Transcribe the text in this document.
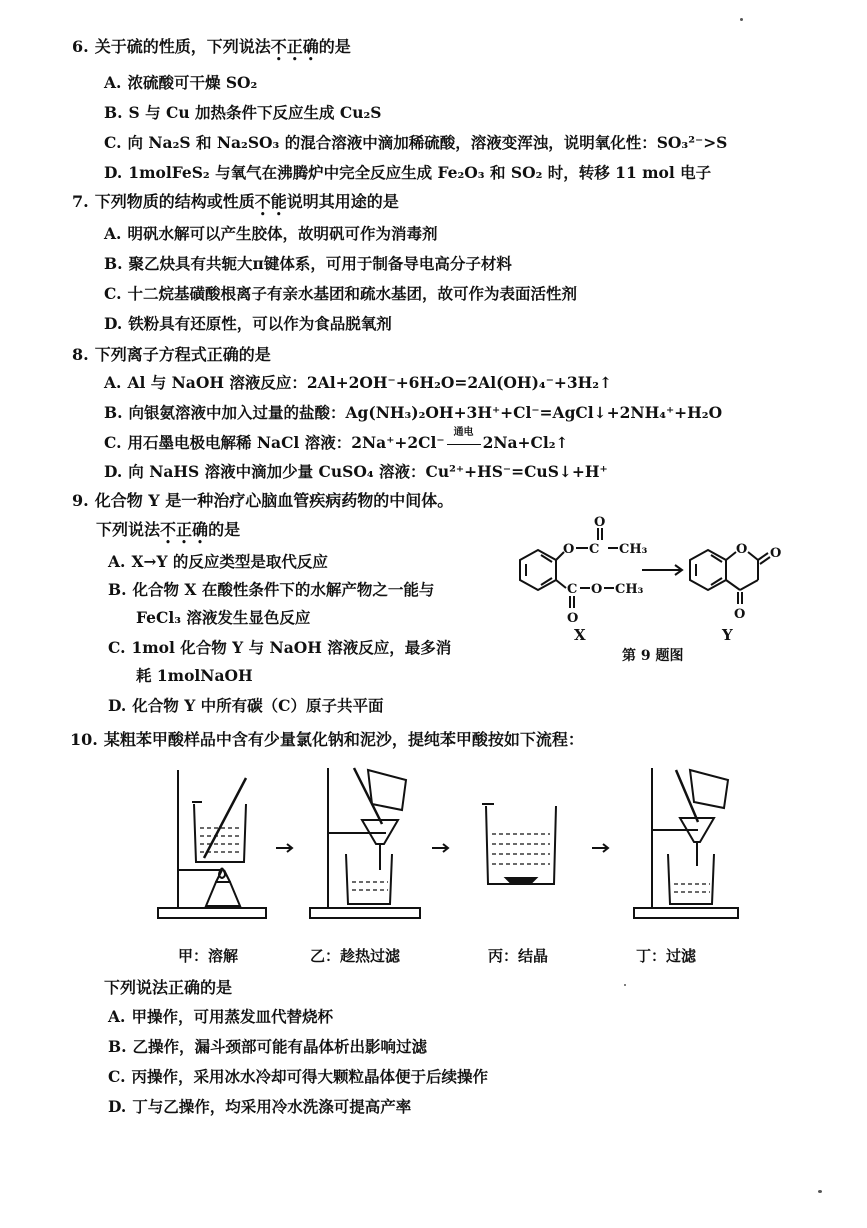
6. 关于硫的性质，下列说法不正确的是
A. 浓硫酸可干燥 SO₂
B. S 与 Cu 加热条件下反应生成 Cu₂S
C. 向 Na₂S 和 Na₂SO₃ 的混合溶液中滴加稀硫酸，溶液变浑浊，说明氧化性：SO₃²⁻>S
D. 1molFeS₂ 与氧气在沸腾炉中完全反应生成 Fe₂O₃ 和 SO₂ 时，转移 11 mol 电子
7. 下列物质的结构或性质不能说明其用途的是
A. 明矾水解可以产生胶体，故明矾可作为消毒剂
B. 聚乙炔具有共轭大π键体系，可用于制备导电高分子材料
C. 十二烷基磺酸根离子有亲水基团和疏水基团，故可作为表面活性剂
D. 铁粉具有还原性，可以作为食品脱氧剂
8. 下列离子方程式正确的是
A. Al 与 NaOH 溶液反应：2Al+2OH⁻+6H₂O=2Al(OH)₄⁻+3H₂↑
B. 向银氨溶液中加入过量的盐酸：Ag(NH₃)₂OH+3H⁺+Cl⁻=AgCl↓+2NH₄⁺+H₂O
C. 用石墨电极电解稀 NaCl 溶液：2Na⁺+2Cl⁻
通电
2Na+Cl₂↑
D. 向 NaHS 溶液中滴加少量 CuSO₄ 溶液：Cu²⁺+HS⁻=CuS↓+H⁺
9. 化合物 Y 是一种治疗心脑血管疾病药物的中间体。
下列说法不正确的是
A. X→Y 的反应类型是取代反应
B. 化合物 X 在酸性条件下的水解产物之一能与
FeCl₃ 溶液发生显色反应
C. 1mol 化合物 Y 与 NaOH 溶液反应，最多消
耗 1molNaOH
D. 化合物 Y 中所有碳（C）原子共平面
O C
O
CH₃
C O
O
CH₃
O O
O
X	Y
第 9 题图
10. 某粗苯甲酸样品中含有少量氯化钠和泥沙，提纯苯甲酸按如下流程：
甲：溶解	乙：趁热过滤	丙：结晶	丁：过滤
下列说法正确的是
A. 甲操作，可用蒸发皿代替烧杯
B. 乙操作，漏斗颈部可能有晶体析出影响过滤
C. 丙操作，采用冰水冷却可得大颗粒晶体便于后续操作
D. 丁与乙操作，均采用冷水洗涤可提高产率
